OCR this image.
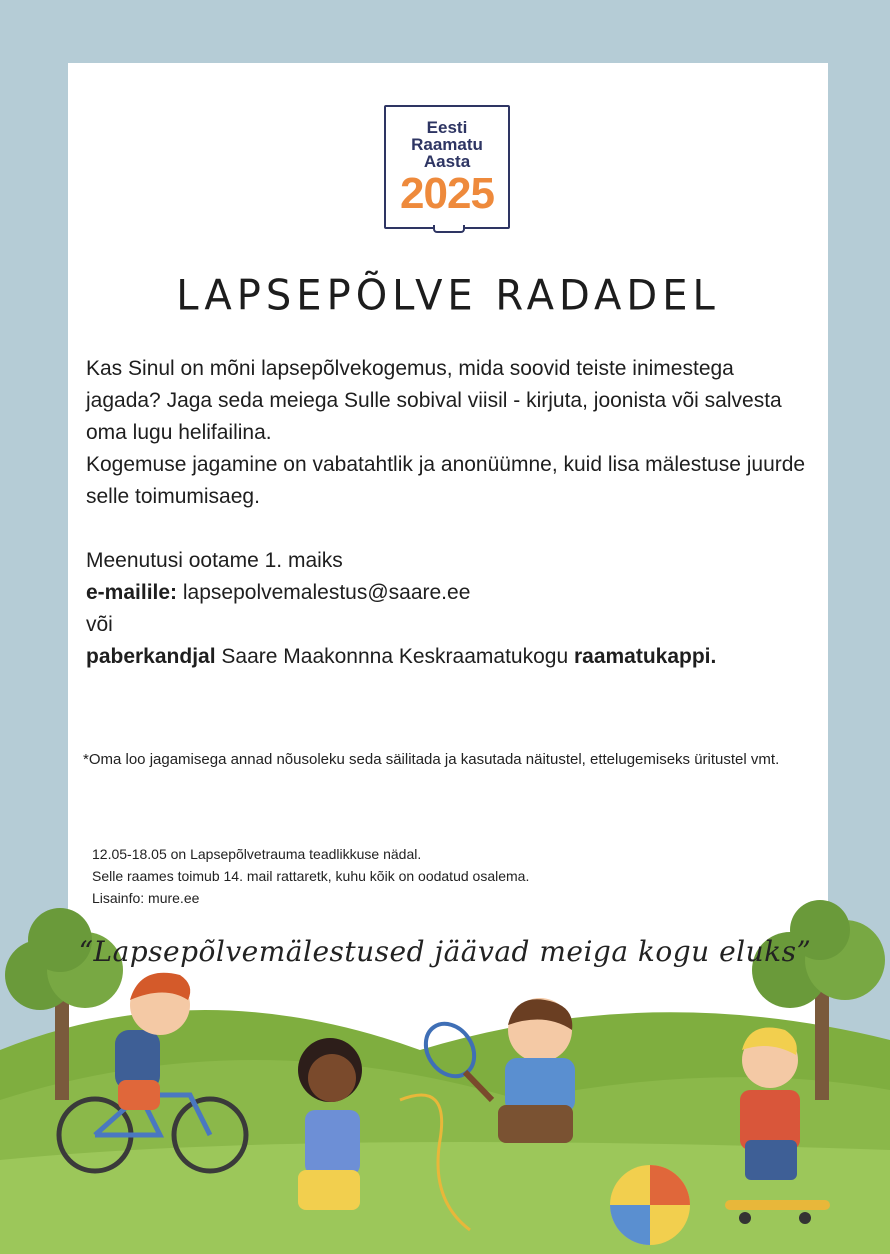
Eesti
Raamatu
Aasta
2025
LAPSEPÕLVE RADADEL

Kas Sinul on mõni lapsepõlvekogemus, mida soovid teiste inimestega jagada? Jaga seda meiega Sulle sobival viisil - kirjuta, joonista või salvesta oma lugu helifailina.

Kogemuse jagamine on vabatahtlik ja anonüümne, kuid lisa mälestuse juurde selle toimumisaeg.

Meenutusi ootame 1. maiks

e-mailile: lapsepolvemalestus@saare.ee

või

paberkandjal Saare Maakonnna Keskraamatukogu raamatukappi.

*Oma loo jagamisega annad nõusoleku seda säilitada ja kasutada näitustel, ettelugemiseks üritustel vmt.
12.05-18.05 on Lapsepõlvetrauma teadlikkuse nädal.
Selle raames toimub 14. mail rattaretk, kuhu kõik on oodatud osalema.
Lisainfo: mure.ee
“Lapsepõlvemälestused jäävad meiga kogu eluks”
